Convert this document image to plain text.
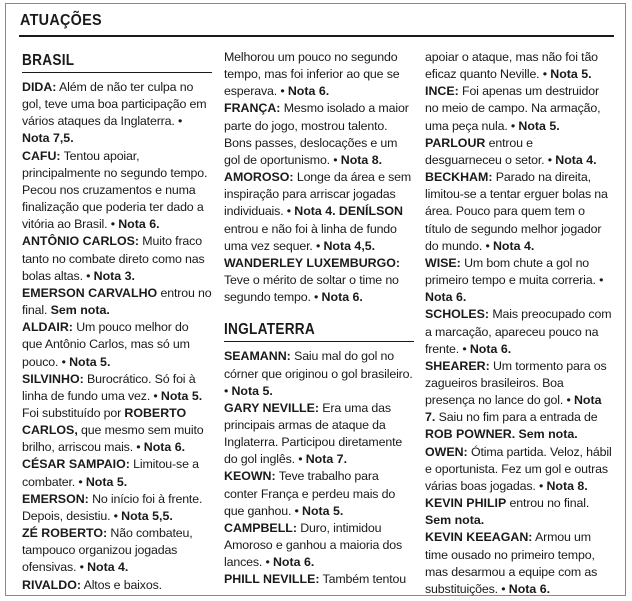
ATUAÇÕES
BRASIL

DIDA: Além de não ter culpa no gol, teve uma boa participação em vários ataques da Inglaterra. • Nota 7,5.

CAFU: Tentou apoiar, principalmente no segundo tempo. Pecou nos cruzamentos e numa finalização que poderia ter dado a vitória ao Brasil. • Nota 6.

ANTÔNIO CARLOS: Muito fraco tanto no combate direto como nas bolas altas. • Nota 3.

EMERSON CARVALHO entrou no final. Sem nota.

ALDAIR: Um pouco melhor do que Antônio Carlos, mas só um pouco. • Nota 5.

SILVINHO: Burocrático. Só foi à linha de fundo uma vez. • Nota 5. Foi substituído por ROBERTO CARLOS, que mesmo sem muito brilho, arriscou mais. • Nota 6.

CÉSAR SAMPAIO: Limitou-se a combater. • Nota 5.

EMERSON: No início foi à frente. Depois, desistiu. • Nota 5,5.

ZÉ ROBERTO: Não combateu, tampouco organizou jogadas ofensivas. • Nota 4.

RIVALDO: Altos e baixos.

Melhorou um pouco no segundo tempo, mas foi inferior ao que se esperava. • Nota 6.

FRANÇA: Mesmo isolado a maior parte do jogo, mostrou talento. Bons passes, deslocações e um gol de oportunismo. • Nota 8.

AMOROSO: Longe da área e sem inspiração para arriscar jogadas individuais. • Nota 4. DENÍLSON entrou e não foi à linha de fundo uma vez sequer. • Nota 4,5.

WANDERLEY LUXEMBURGO: Teve o mérito de soltar o time no segundo tempo. • Nota 6.

INGLATERRA

SEAMANN: Saiu mal do gol no córner que originou o gol brasileiro. • Nota 5.

GARY NEVILLE: Era uma das principais armas de ataque da Inglaterra. Participou diretamente do gol inglês. • Nota 7.

KEOWN: Teve trabalho para conter França e perdeu mais do que ganhou. • Nota 5.

CAMPBELL: Duro, intimidou Amoroso e ganhou a maioria dos lances. • Nota 6.

PHILL NEVILLE: Também tentou

apoiar o ataque, mas não foi tão eficaz quanto Neville. • Nota 5.

INCE: Foi apenas um destruidor no meio de campo. Na armação, uma peça nula. • Nota 5.

PARLOUR entrou e desguarneceu o setor. • Nota 4.

BECKHAM: Parado na direita, limitou-se a tentar erguer bolas na área. Pouco para quem tem o título de segundo melhor jogador do mundo. • Nota 4.

WISE: Um bom chute a gol no primeiro tempo e muita correria. • Nota 6.

SCHOLES: Mais preocupado com a marcação, apareceu pouco na frente. • Nota 6.

SHEARER: Um tormento para os zagueiros brasileiros. Boa presença no lance do gol. • Nota 7. Saiu no fim para a entrada de ROB POWNER. Sem nota.

OWEN: Ótima partida. Veloz, hábil e oportunista. Fez um gol e outras várias boas jogadas. • Nota 8. KEVIN PHILIP entrou no final. Sem nota.

KEVIN KEEAGAN: Armou um time ousado no primeiro tempo, mas desarmou a equipe com as substituições. • Nota 6.
